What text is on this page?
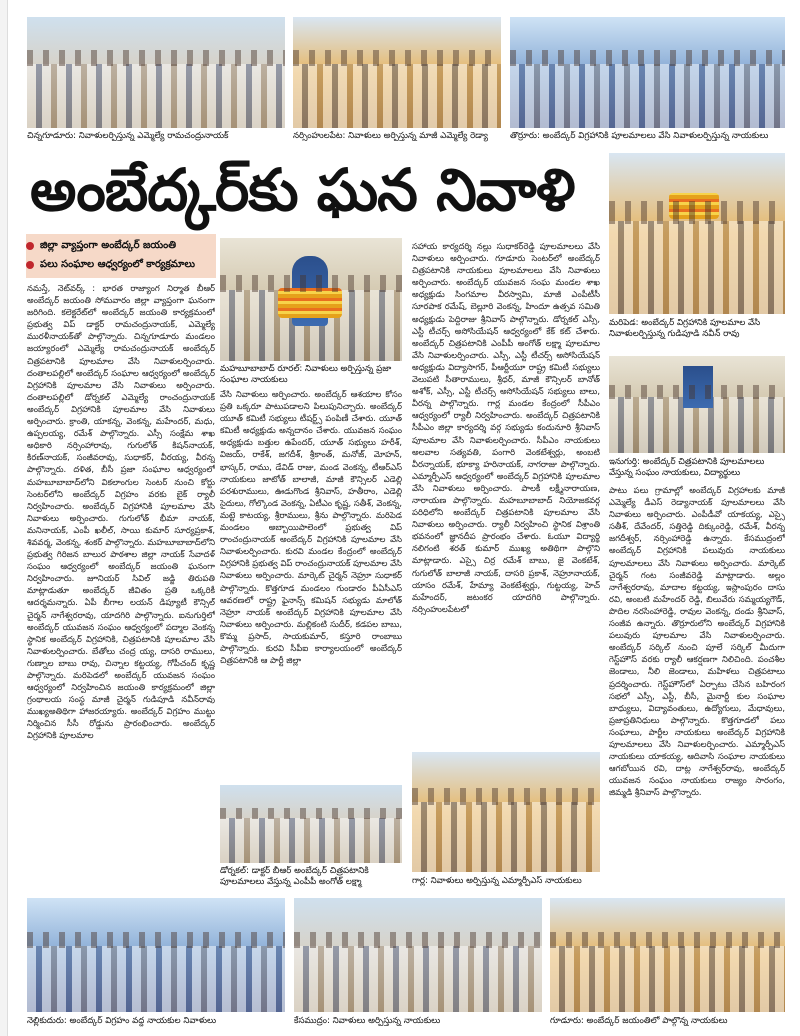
చిన్నగూడూరు: నివాళులర్పిస్తున్న ఎమ్మెల్యే రామచంద్రునాయక్	నర్సింహులపేట: నివాళులు అర్పిస్తున్న మాజీ ఎమ్మెల్యే రెడ్యా	తొర్రూరు: అంబేద్కర్ విగ్రహానికి పూలమాలలు వేసి నివాళులర్పిస్తున్న నాయకులు
అంబేద్కర్‌కు ఘన నివాళి
జిల్లా వ్యాప్తంగా అంబేద్కర్ జయంతి
పలు సంఘాల ఆధ్వర్యంలో కార్యక్రమాలు
మహబూబాబాద్ రూరల్: నివాళులు అర్పిస్తున్న ప్రజా సంఘాల నాయకులు
మరిపెడ: అంబేద్కర్ విగ్రహానికి పూలమాల వేసి నివాళులర్పిస్తున్న గుడిపూడి నవీన్ రావు
ఇనుగుర్తి: అంబేద్కర్ చిత్రపటానికి పూలమాలలు వేస్తున్న సంఘం నాయకులు, విద్యార్థులు

నమస్తే, నెట్‌వర్క్ : భారత రాజ్యాంగ నిర్మాత బీఆర్ అంబేద్కర్ జయంతి సోమవారం జిల్లా వ్యాప్తంగా ఘనంగా జరిగింది. కలెక్టరేట్‌లో అంబేద్కర్ జయంతి కార్యక్రమంలో ప్రభుత్వ విప్ డాక్టర్ రామచంద్రునాయక్, ఎమ్మెల్యే మురళీనాయక్‌తో పాల్గొన్నారు. చిన్నగూడూరు మండలం జయ్యారంలో ఎమ్మెల్యే రామచంద్రునాయక్ అంబేద్కర్ చిత్రపటానికి పూలమాల వేసి నివాళులర్పించారు. దంతాలపల్లిలో అంబేద్కర్ సంఘాల ఆధ్వర్యంలో అంబేద్కర్ విగ్రహానికి పూలమాల వేసి నివాళులు అర్పించారు. దంతాలపల్లిలో డోర్నకల్ ఎమ్మెల్యే రాంచంద్రునాయక్ అంబేద్కర్ విగ్రహానికి పూలమాల వేసి నివాళులు అర్పించారు. క్రాంతి, యాకన్న, వెంకన్న, మహేందర్, మధు, ఉప్పలయ్య, రమేశ్ పాల్గొన్నారు. ఎస్సీ సంక్షేమ శాఖ అధికారి నర్సింహారావు, గుగులోత్ కిషన్‌నాయక్, కిరణ్‌నాయక్, సంజీవరావు, సుధాకర్, వీరయ్య, వీరన్న పాల్గొన్నారు. దళిత, బీసీ ప్రజా సంఘాల ఆధ్వర్యంలో మహబూబాబాద్‌లోని వికలాంగుల సెంటర్ నుంచి కోర్టు సెంటర్‌లోని అంబేద్కర్ విగ్రహం వరకు బైక్ ర్యాలీ నిర్వహించారు. అంబేద్కర్ విగ్రహానికి పూలమాల వేసి నివాళులు అర్పించారు. గుగులోత్ భీమా నాయక్, మనినాయక్, ఎంపీ ఖలీల్, సాయి కుమార్ సూర్యప్రకాశ్, శివవర్మ, వెంకన్న, శంకర్ పాల్గొన్నారు. మహబూబాబాద్‌లోని ప్రభుత్వ గిరిజన బాలుర పాఠశాల జిల్లా నాయక్ సేవాదళ్ సంఘం ఆధ్వర్యంలో అంబేద్కర్ జయంతి ఘనంగా నిర్వహించారు. జూనియర్ సివిల్ జడ్జి తిరుపతి మాట్లాడుతూ అంబేద్కర్ జీవితం ప్రతి ఒక్కరికీ ఆదర్శమన్నారు. ఏపీ బీగాల లయన్ డిప్యూటీ కౌన్సిల్ చైర్మన్ నాగేశ్వరరావు, యాదగిరి పాల్గొన్నారు. ఐనుగుర్తిలో అంబేద్కర్ యువజన సంఘం ఆధ్వర్యంలో పద్మాల వెంకన్న స్థానిక అంబేద్కర్ విగ్రహానికి, చిత్రపటానికి పూలమాల వేసి నివాళులర్పించారు. బేతోలు చంద్ర య్య, దాసరి రాములు, గుణ్నాల బాబు రావు, చిన్నాల కట్టయ్య, గోపీచంద్ కృష్ణ పాల్గొన్నారు. మరిపెడలో అంబేద్కర్ యువజన సంఘం ఆధ్వర్యంలో నిర్వహించిన జయంతి కార్యక్రమంలో జిల్లా గ్రంథాలయ సంస్థ మాజీ చైర్మన్ గుడిపూడి నవీన్‌రావు ముఖ్యఅతిథిగా హాజరయ్యారు. అంబేద్కర్ విగ్రహం ముట్టు నిర్మించిన సీసీ రోడ్డును ప్రారంభించారు. అంబేద్కర్ విగ్రహానికి పూలమాల

వేసి నివాళులు అర్పించారు. అంబేద్కర్ ఆశయాల కోసం ప్రతి ఒక్కరూ పాటుపడాలని పిలుపునిచ్చారు. అంబేద్కర్ యూత్ కమిటీ సభ్యులు టీషర్ట్స్ పంపిణీ చేశారు. యూత్ కమిటీ అధ్యక్షుడు అన్నదానం చేశారు. యువజన సంఘం అధ్యక్షుడు బత్తుల ఉపేందర్, యూత్ సభ్యులు హరీశ్, విజయ్, రాకేశ్, జగదీశ్, శ్రీకాంత్, మనోజ్, మోహన్, భాస్కర్, రాము, డేవిడ్ రాజు, మండ వెంకన్న, టీఆర్ఎస్ నాయకులు జాటోత్ బాలాజీ, మాజీ కౌన్సిలర్ ఎడెల్లి పరశురాములు, ఊడుగొండ శ్రీనివాస్, హతీరాం, ఎడెల్లి సైదులు, గోల్కొండ వెంకన్న, ఏటీఎం కృష్ణ, సతీశ్, వెంకన్న, మట్టె కాటయ్య, శ్రీరాములు, శ్రీను పాల్గొన్నారు. మరిపెడ మండలం అబ్బాయిపాలెంలో ప్రభుత్వ విప్ రాంచంద్రునాయక్ అంబేద్కర్ విగ్రహానికి పూలమాల వేసి నివాళులర్పించారు. కురవి మండల కేంద్రంలో అంబేద్కర్ విగ్రహానికి ప్రభుత్వ విప్ రాంచంద్రునాయక్ పూలమాల వేసి నివాళులు అర్పించారు. మార్కెట్ చైర్మన్ నెహ్రూ సుధాకర్ పాల్గొన్నారు. కొత్తగూడ మండలం గుండారం పీఏసీఎస్ ఆవరణలో రాష్ట్ర ఫైనాన్స్ కమిషన్ సభ్యుడు మాలోత్ నెహ్రూ నాయక్ అంబేద్కర్ విగ్రహానికి పూలమాల వేసి నివాళులు అర్పించారు. మల్లికంటి సుదీర్, కడపల బాబు, కొమ్మ ప్రసాద్, సాయకుమార్, కస్తూరి రాంబాబు పాల్గొన్నారు. కురవి సీపీఐ కార్యాలయంలో అంబేద్కర్ చిత్రపటానికి ఆ పార్టీ జిల్లా

సహాయ కార్యదర్శి నల్లు సుధాకర్‌రెడ్డి పూలమాలలు వేసి నివాళులు అర్పించారు. గూడూరు సెంటర్‌లో అంబేద్కర్ చిత్రపటానికి నాయకులు పూలమాలలు వేసి నివాళులు అర్పించారు. అంబేద్కర్ యువజన సంఘ మండల శాఖ అధ్యక్షుడు సింగమాల వీరస్వామి, మాజీ ఎంపీటీసీ సూరపాక రమేష్, బెల్లూరి వెంకన్న, హిందూ ఉత్సవ సమితి అధ్యక్షుడు పెద్దిరాజు శ్రీనివాస్ పాల్గొన్నారు. డోర్నకల్ ఎస్సీ, ఎస్టీ టీచర్స్ అసోసియేషన్ ఆధ్వర్యంలో కేక్ కట్ చేశారు. అంబేద్కర్ చిత్రపటానికి ఎంపీపీ అంగోత్ లక్ష్మా పూలమాల వేసి నివాళులర్పించారు. ఎస్సీ, ఎస్టీ టీచర్స్ అసోసియేషన్ అధ్యక్షుడు విద్యాసాగర్, పీఆర్టీయూ రాష్ట్ర కమిటీ సభ్యులు వెలుపటి సీతారాములు, శ్రీధర్, మాజీ కౌన్సిలర్ బానోత్ అశోక్, ఎస్సీ, ఎస్టీ టీచర్స్ అసోసియేషన్ సభ్యులు బాలు, వీరన్న పాల్గొన్నారు. గార్ల మండల కేంద్రంలో సీపీఎం ఆధ్వర్యంలో ర్యాలీ నిర్వహించారు. అంబేద్కర్ చిత్రపటానికి సీపీఎం జిల్లా కార్యదర్శి వర్గ సభ్యుడు కందునూరి శ్రీనివాస్ పూలమాల వేసి నివాళులర్పించారు. సీపీఎం నాయకులు అలవాల సత్యవతి, పంగారి వెంకటేశ్వర్లు, అంబటి వీరన్నాయక్, భూక్యా హరినాయక్, నాగరాజు పాల్గొన్నారు. ఎమ్మార్పీఎస్ ఆధ్వర్యంలో అంబేద్కర్ విగ్రహానికి పూలమాల వేసి నివాళులు అర్పించారు. పాలకీ లక్ష్మీనారాయణ, నారాయణ పాల్గొన్నారు. మహబూబాబాద్ నియోజకవర్గ పరిధిలోని అంబేద్కర్ చిత్రపటానికి పూలమాల వేసి నివాళులు అర్పించారు. ర్యాలీ నిర్వహించి స్థానిక విశ్రాంతి భవనంలో జ్ఞానదీప ప్రారంభం చేశారు. ఓయూ విద్యార్థి నలిగంటి శరత్ కుమార్ ముఖ్య అతిథిగా పాల్గొని మాట్లాడారు. ఎస్సై చిర్ర రమేశ్ బాబు, జై వెంకటేశ్, గుగులోత్ బాలాజీ నాయక్, దాసరి ప్రకాశ్, నెహ్రూనాయక్, యాసం రమేశ్, హేమ్యా వెంకటేశ్వర్లు, గుట్టయ్య, హెచ్ మహేందర్, జటంకర యాదగిరి పాల్గొన్నారు. నర్సింహులపేటలో

పాటు పలు గ్రామాల్లో అంబేద్కర్ విగ్రహాలకు మాజీ ఎమ్మెల్యే డీఎస్ రెడ్యానాయక్ పూలమాలలు వేసి నివాళులు అర్పించారు. ఎంపీడీవో యాకయ్య, ఎస్సై సతీశ్, దేవేందర్, సత్తిరెడ్డి దిక్కుంరెడ్డి, రమేశ్, వీరన్న జగదీశ్వర్, నర్సింహారెడ్డి ఉన్నారు. కేసముద్రంలో అంబేద్కర్ విగ్రహానికి పలువురు నాయకులు పూలమాలలు వేసి నివాళులు అర్పించారు. మార్కెట్ చైర్మన్ గంట సంజీవరెడ్డి మాట్లాడారు. అల్లం నాగేశ్వరరావు, మాదాల కట్టయ్య, ఇస్లాంపురం దాసు రవి, అంబటి మహేందర్ రెడ్డి, బిలువేరు సమ్మయ్యగౌడ్, పొదిల నరసింహారెడ్డి, రావుల వెంకన్న, దండు శ్రీనివాస్, సంజీవ ఉన్నారు. తొర్రూరులోని అంబేద్కర్ విగ్రహానికి పలువురు పూలమాల వేసి నివాళులర్పించారు. అంబేద్కర్ సర్కిల్ నుంచి పూలే సర్కిల్ మీదుగా గెస్ట్‌హౌస్ వరకు ర్యాలీ ఆకర్షణగా నిలిచింది. పంచశీల జెండాలు, నీలి జెండాలు, మహిళలు చిత్రపటాలు ప్రదర్శించారు. గెస్ట్‌హౌస్‌లో ఏర్పాటు చేసిన బహిరంగ సభలో ఎస్సీ, ఎస్టీ, బీసీ, మైనార్టీ కుల సంఘాల బాధ్యులు, విద్యావంతులు, ఉద్యోగులు, మేధావులు, ప్రజాప్రతినిధులు పాల్గొన్నారు. కొత్తగూడలో పలు సంఘాలు, పార్టీల నాయకులు అంబేద్కర్ విగ్రహానికి పూలమాలలు వేసి నివాళులర్పించారు. ఎమ్మార్పీఎస్ నాయకులు యాకయ్య, ఆదివాసి సంఘాల నాయకులు ఆగబోయిన రవి, దాట్ల నాగేశ్వర్‌రావు, అంబేద్కర్ యువజన సంఘం నాయకులు రాజ్యం సారంగం, జిమ్మడి శ్రీనివాస్ పాల్గొన్నారు.

డోర్నకల్: డాక్టర్ బీఆర్ అంబేద్కర్ చిత్రపటానికి పూలమాలలు వేస్తున్న ఎంపీపీ అంగోత్ లక్ష్మా	గార్ల: నివాళులు అర్పిస్తున్న ఎమ్మార్పీఎస్ నాయకులు
నెల్లికుదురు: అంబేద్కర్ విగ్రహం వద్ద నాయకుల నివాళులు	కేసముద్రం: నివాళులు అర్పిస్తున్న నాయకులు	గూడూరు: అంబేద్కర్ జయంతిలో పాల్గొన్న నాయకులు
